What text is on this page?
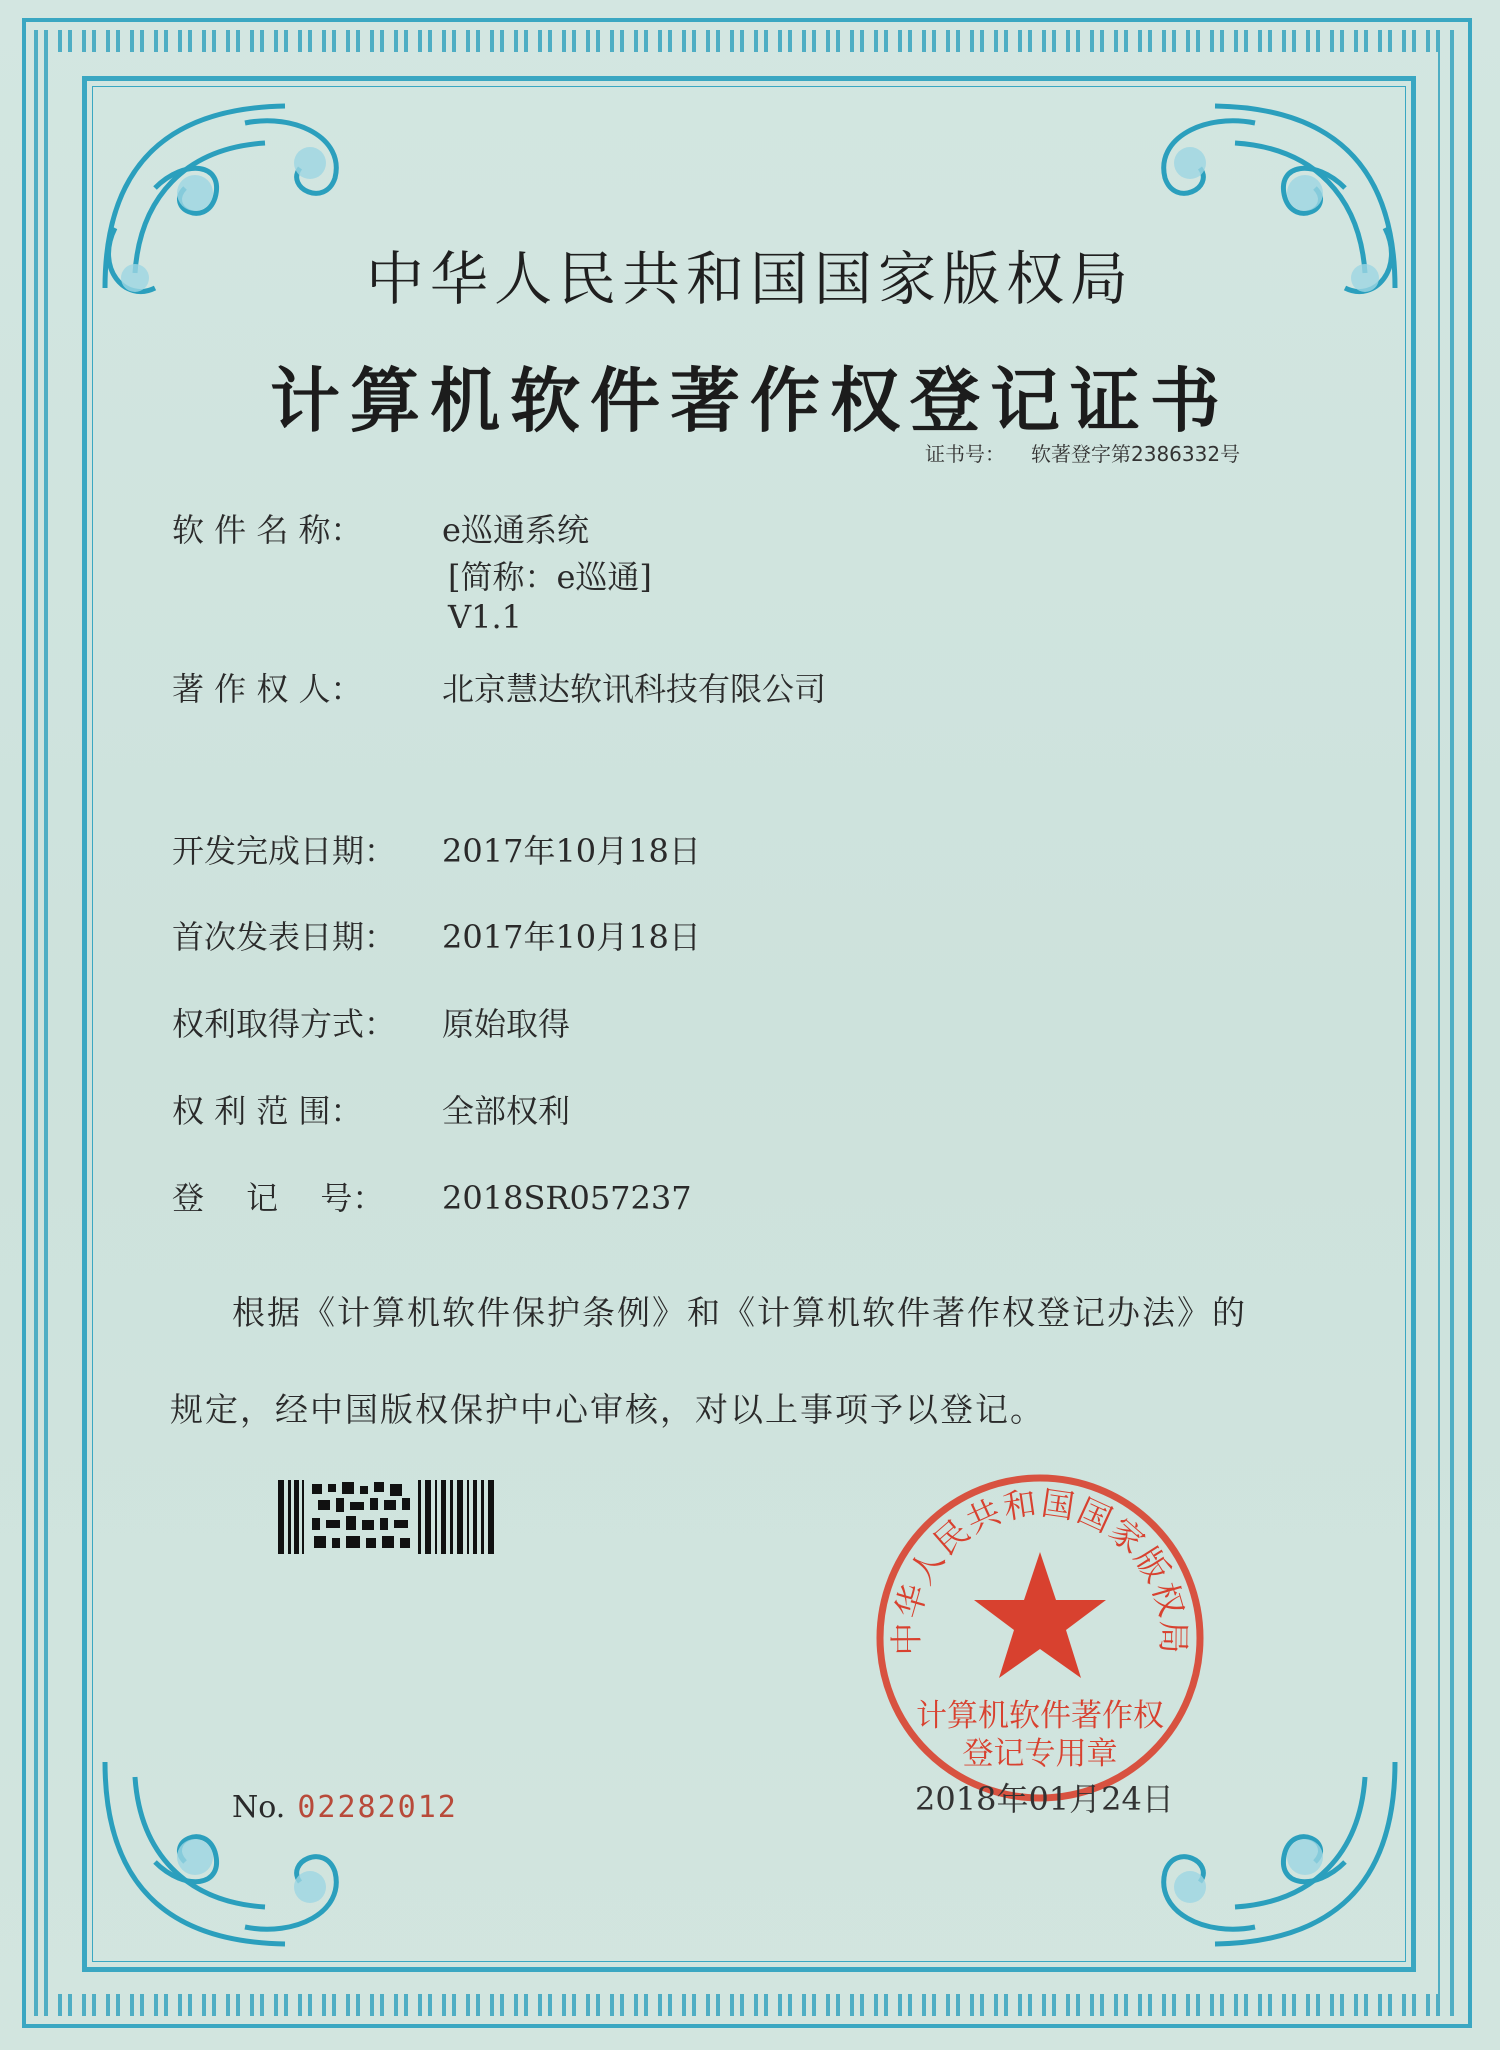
中华人民共和国国家版权局
计算机软件著作权登记证书
证书号： 软著登字第2386332号
软 件 名 称： e巡通系统
[简称：e巡通]
V1.1
著 作 权 人： 北京慧达软讯科技有限公司
开发完成日期： 2017年10月18日
首次发表日期： 2017年10月18日
权利取得方式： 原始取得
权 利 范 围： 全部权利
登　 记　 号： 2018SR057237
根据《计算机软件保护条例》和《计算机软件著作权登记办法》的
规定，经中国版权保护中心审核，对以上事项予以登记。
No. 02282012
中华人民共和国国家版权局
计算机软件著作权
登记专用章
2018年01月24日
